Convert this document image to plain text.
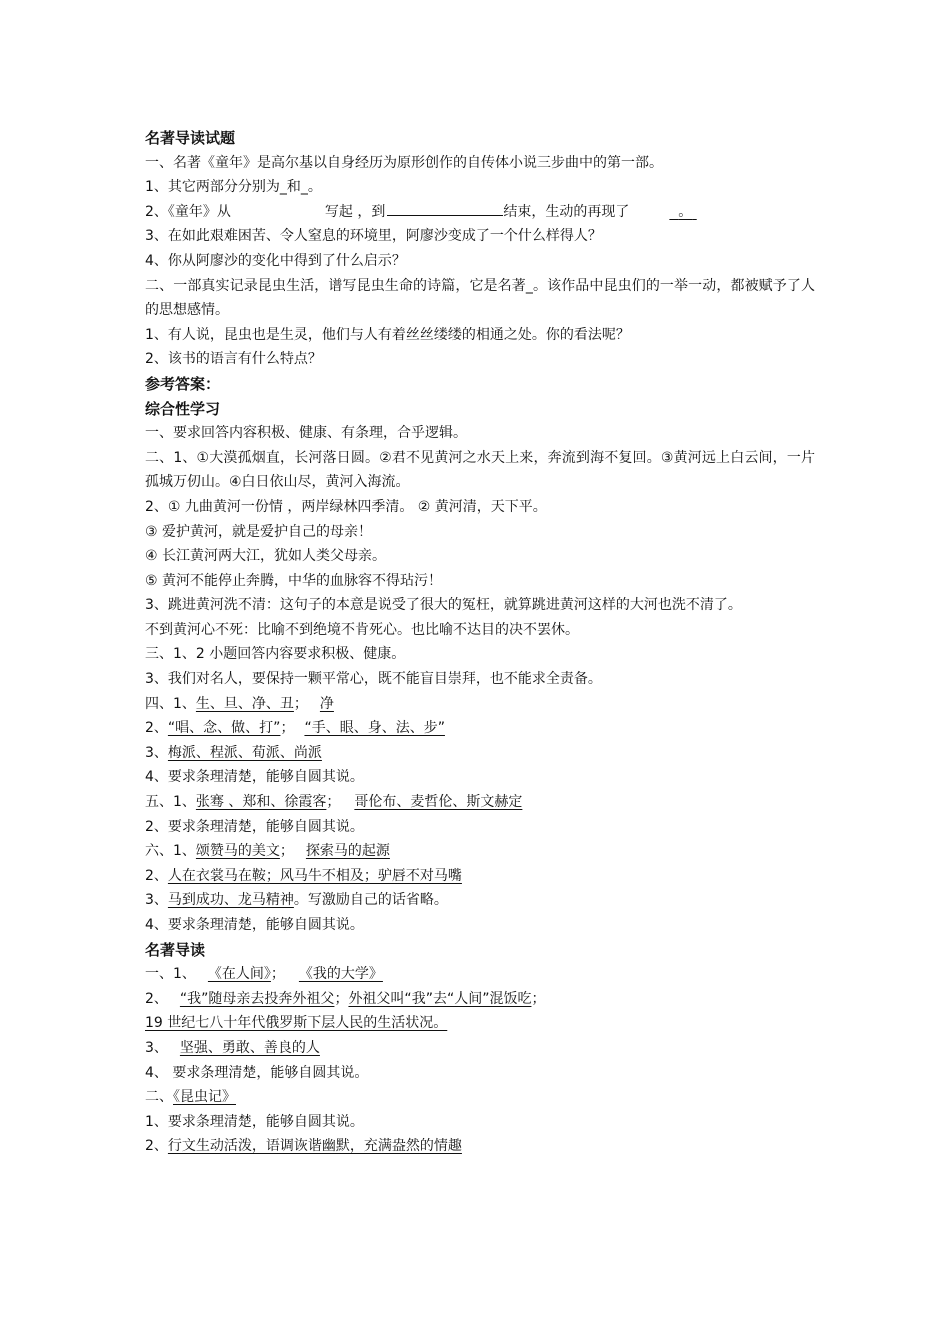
名著导读试题
一、名著《童年》是高尔基以自身经历为原形创作的自传体小说三步曲中的第一部。
1、其它两部分分别为_和_。
2、《童年》从	写起 ，到	结束，生动的再现了	。
3、在如此艰难困苦、令人窒息的环境里，阿廖沙变成了一个什么样得人？
4、你从阿廖沙的变化中得到了什么启示？
二、一部真实记录昆虫生活，谱写昆虫生命的诗篇，它是名著_。该作品中昆虫们的一举一动，都被赋予了人的思想感情。
1、有人说，昆虫也是生灵，他们与人有着丝丝缕缕的相通之处。你的看法呢？
2、该书的语言有什么特点？
参考答案：
综合性学习
一、要求回答内容积极、健康、有条理，合乎逻辑。
二、1、①大漠孤烟直，长河落日圆。②君不见黄河之水天上来，奔流到海不复回。③黄河远上白云间，一片孤城万仞山。④白日依山尽，黄河入海流。
2、① 九曲黄河一份情 ，两岸绿林四季清。 ② 黄河清，天下平。
③ 爱护黄河，就是爱护自己的母亲！
④ 长江黄河两大江，犹如人类父母亲。
⑤ 黄河不能停止奔腾，中华的血脉容不得玷污！
3、跳进黄河洗不清：这句子的本意是说受了很大的冤枉，就算跳进黄河这样的大河也洗不清了。
不到黄河心不死：比喻不到绝境不肯死心。也比喻不达目的决不罢休。
三、1、2 小题回答内容要求积极、健康。
3、我们对名人，要保持一颗平常心，既不能盲目崇拜，也不能求全责备。
四、1、生、旦、净、丑； 净
2、“唱、念、做、打”； “手、眼、身、法、步”
3、梅派、程派、荀派、尚派
4、要求条理清楚，能够自圆其说。
五、1、张骞 、郑和、徐霞客； 哥伦布、麦哲伦、斯文赫定
2、要求条理清楚，能够自圆其说。
六、1、颂赞马的美文； 探索马的起源
2、人在衣裳马在鞍；风马牛不相及；驴唇不对马嘴
3、马到成功、龙马精神。写激励自己的话省略。
4、要求条理清楚，能够自圆其说。
名著导读
一、1、 《在人间》； 《我的大学》
2、 “我”随母亲去投奔外祖父；外祖父叫“我”去“人间”混饭吃；
19 世纪七八十年代俄罗斯下层人民的生活状况。
3、 坚强、勇敢、善良的人
4、 要求条理清楚，能够自圆其说。
二、《昆虫记》
1、要求条理清楚，能够自圆其说。
2、行文生动活泼，语调诙谐幽默，充满盎然的情趣
